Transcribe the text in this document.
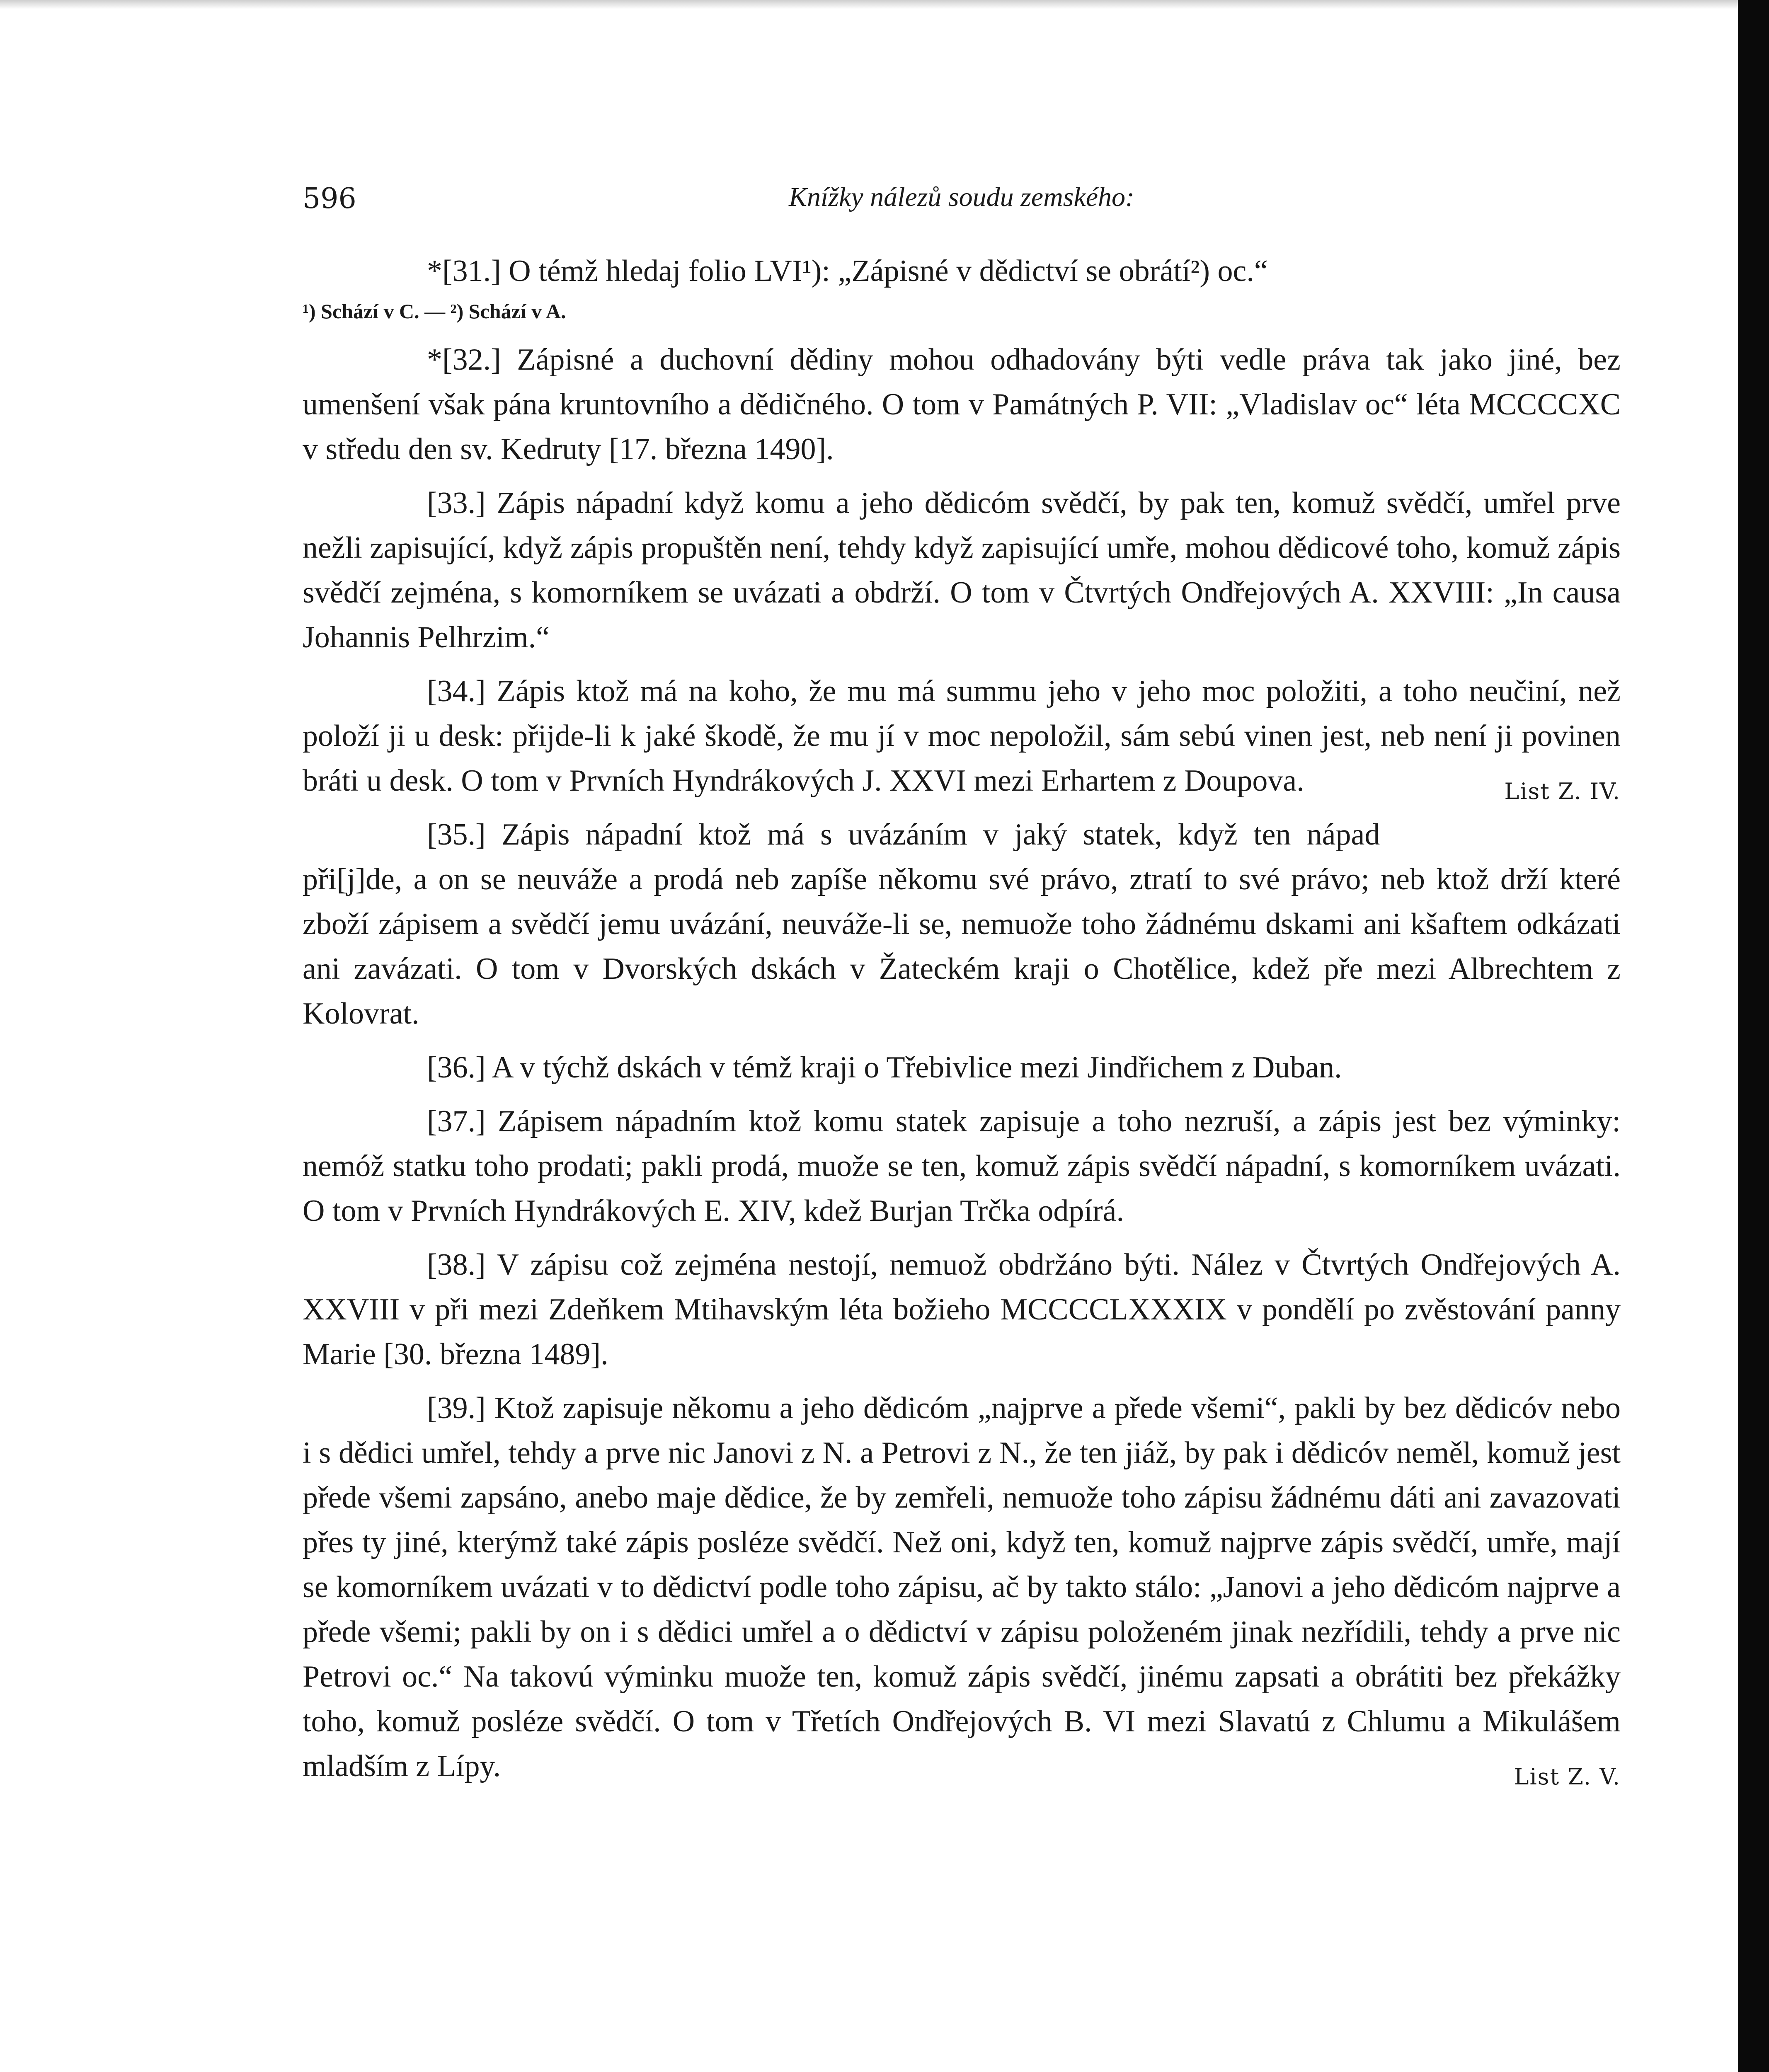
596	Knížky nálezů soudu zemského:

*[31.] O témž hledaj folio LVI¹): „Zápisné v dědictví se obrátí²) oc.“

¹) Schází v C. — ²) Schází v A.

*[32.] Zápisné a duchovní dědiny mohou odhadovány býti vedle práva tak jako jiné, bez umenšení však pána kruntovního a dědičného. O tom v Památných P. VII: „Vladislav oc“ léta MCCCCXC v středu den sv. Kedruty [17. března 1490].

[33.] Zápis nápadní když komu a jeho dědicóm svědčí, by pak ten, komuž svědčí, umřel prve nežli zapisující, když zápis propuštěn není, tehdy když zapisující umře, mohou dědicové toho, komuž zápis svědčí zejména, s komorníkem se uvázati a obdrží. O tom v Čtvrtých Ondřejových A. XXVIII: „In causa Johannis Pelhrzim.“

[34.] Zápis ktož má na koho, že mu má summu jeho v jeho moc položiti, a toho neučiní, než položí ji u desk: přijde-li k jaké škodě, že mu jí v moc nepoložil, sám sebú vinen jest, neb není ji povinen bráti u desk. O tom v Prvních Hyndrákových J. XXVI mezi Erhartem z Doupova.	List Z. IV.

[35.] Zápis nápadní ktož má s uvázáním v jaký statek, když ten nápad při[j]de, a on se neuváže a prodá neb zapíše někomu své právo, ztratí to své právo; neb ktož drží které zboží zápisem a svědčí jemu uvázání, neuváže-li se, nemuože toho žádnému dskami ani kšaftem odkázati ani zavázati. O tom v Dvorských dskách v Žateckém kraji o Chotělice, kdež pře mezi Albrechtem z Kolovrat.

[36.] A v týchž dskách v témž kraji o Třebivlice mezi Jindřichem z Duban.

[37.] Zápisem nápadním ktož komu statek zapisuje a toho nezruší, a zápis jest bez výminky: nemóž statku toho prodati; pakli prodá, muože se ten, komuž zápis svědčí nápadní, s komorníkem uvázati. O tom v Prvních Hyndrákových E. XIV, kdež Burjan Trčka odpírá.

[38.] V zápisu což zejména nestojí, nemuož obdržáno býti. Nález v Čtvrtých Ondřejových A. XXVIII v při mezi Zdeňkem Mtihavským léta božieho MCCCCLXXXIX v pondělí po zvěstování panny Marie [30. března 1489].

[39.] Ktož zapisuje někomu a jeho dědicóm „najprve a přede všemi“, pakli by bez dědicóv nebo i s dědici umřel, tehdy a prve nic Janovi z N. a Petrovi z N., že ten jiáž, by pak i dědicóv neměl, komuž jest přede všemi zapsáno, anebo maje dědice, že by zemřeli, nemuože toho zápisu žádnému dáti ani zavazovati přes ty jiné, kterýmž také zápis posléze svědčí. Než oni, když ten, komuž najprve zápis svědčí, umře, mají se komorníkem uvázati v to dědictví podle toho zápisu, ač by takto stálo: „Janovi a jeho dědicóm najprve a přede všemi; pakli by on i s dědici umřel a o dědictví v zápisu položeném jinak nezřídili, tehdy a prve nic Petrovi oc.“ Na takovú výminku muože ten, komuž zápis svědčí, jinému zapsati a obrátiti bez překážky toho, komuž posléze svědčí. O tom v Třetích Ondřejových B. VI mezi Slavatú z Chlumu a Mikulášem mladším z Lípy.	List Z. V.
